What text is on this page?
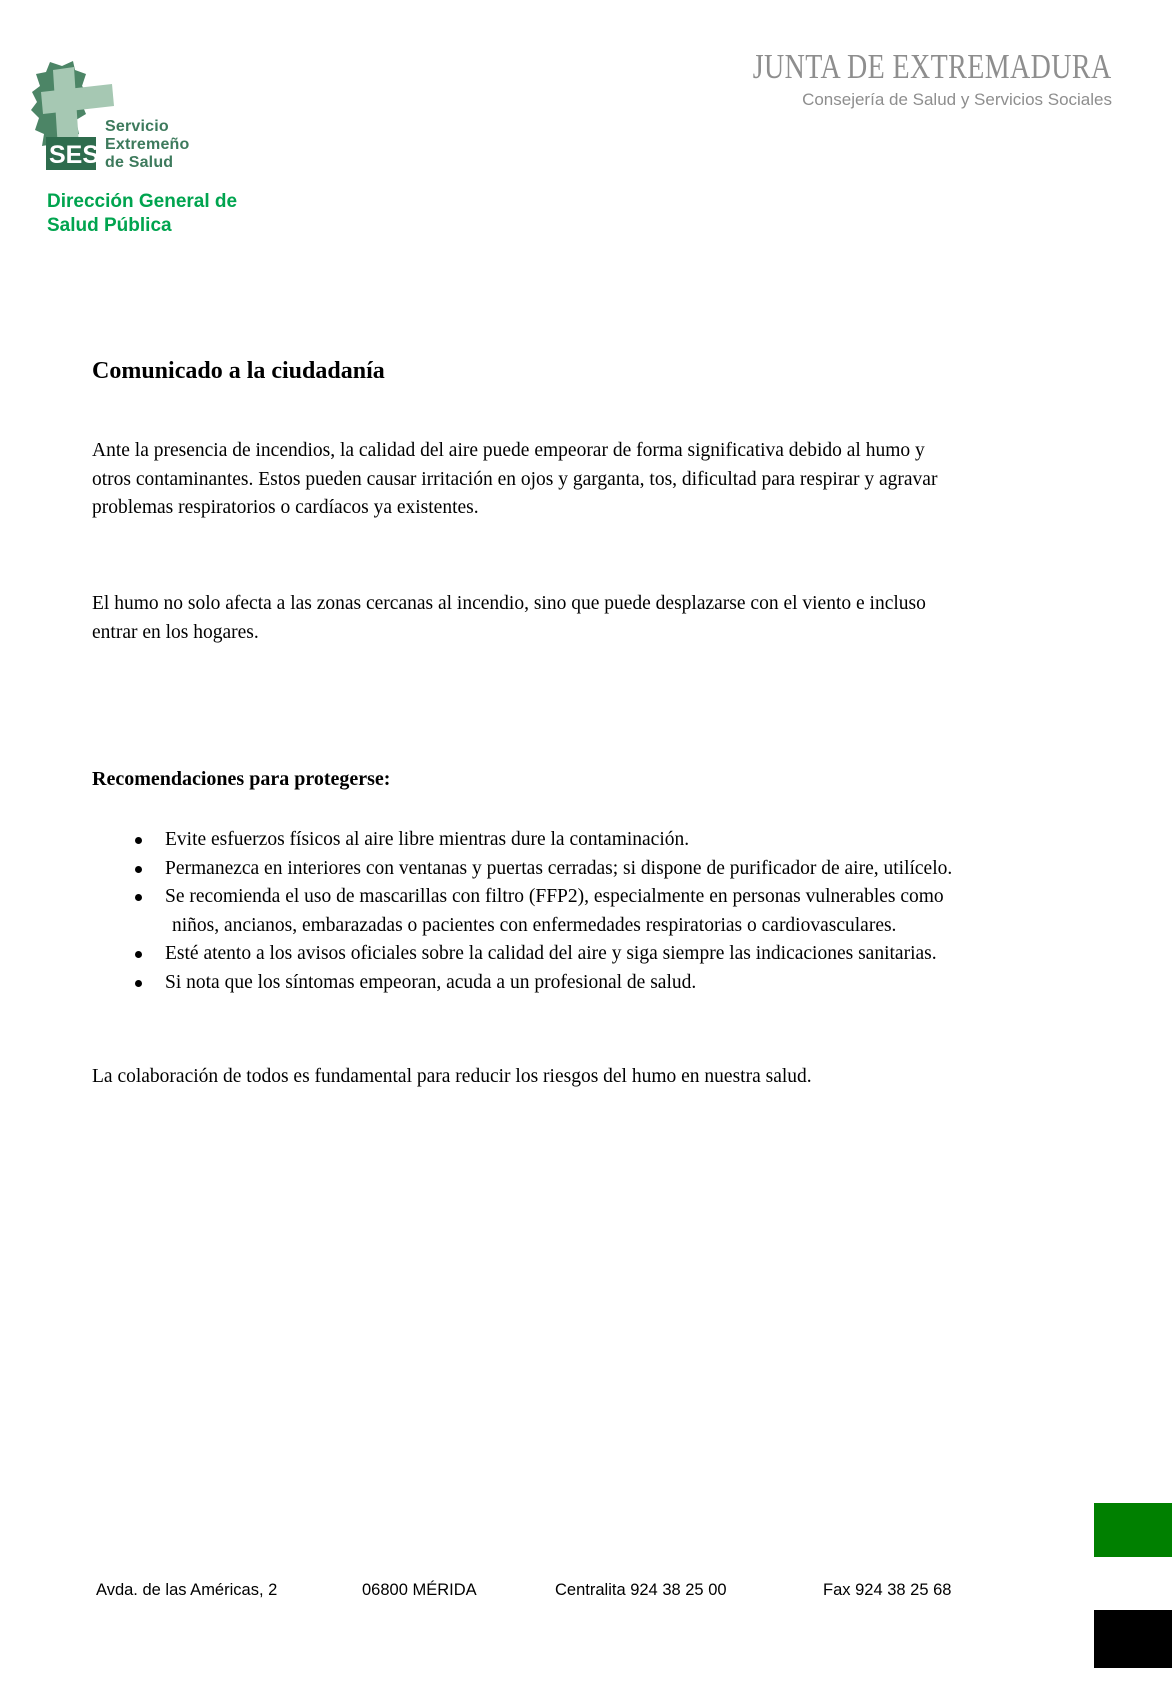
SES
Servicio
Extremeño
de Salud
Dirección General de
Salud Pública
JUNTA DE EXTREMADURA
Consejería de Salud y Servicios Sociales
Comunicado a la ciudadanía
Ante la presencia de incendios, la calidad del aire puede empeorar de forma significativa debido al humo y
otros contaminantes. Estos pueden causar irritación en ojos y garganta, tos, dificultad para respirar y agravar
problemas respiratorios o cardíacos ya existentes.
El humo no solo afecta a las zonas cercanas al incendio, sino que puede desplazarse con el viento e incluso
entrar en los hogares.
Recomendaciones para protegerse:
Evite esfuerzos físicos al aire libre mientras dure la contaminación.
Permanezca en interiores con ventanas y puertas cerradas; si dispone de purificador de aire, utilícelo.
Se recomienda el uso de mascarillas con filtro (FFP2), especialmente en personas vulnerables como
niños, ancianos, embarazadas o pacientes con enfermedades respiratorias o cardiovasculares.
Esté atento a los avisos oficiales sobre la calidad del aire y siga siempre las indicaciones sanitarias.
Si nota que los síntomas empeoran, acuda a un profesional de salud.
La colaboración de todos es fundamental para reducir los riesgos del humo en nuestra salud.
Avda. de las Américas, 2	06800 MÉRIDA	Centralita 924 38 25 00	Fax 924 38 25 68
